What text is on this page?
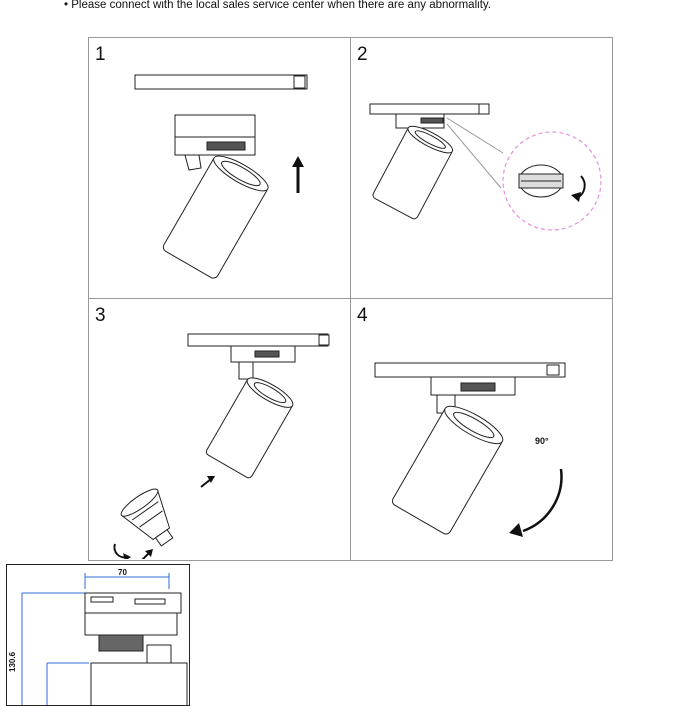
• Please connect with the local sales service center when there are any abnormality.
1	2
3	4
90°
70
130.6
